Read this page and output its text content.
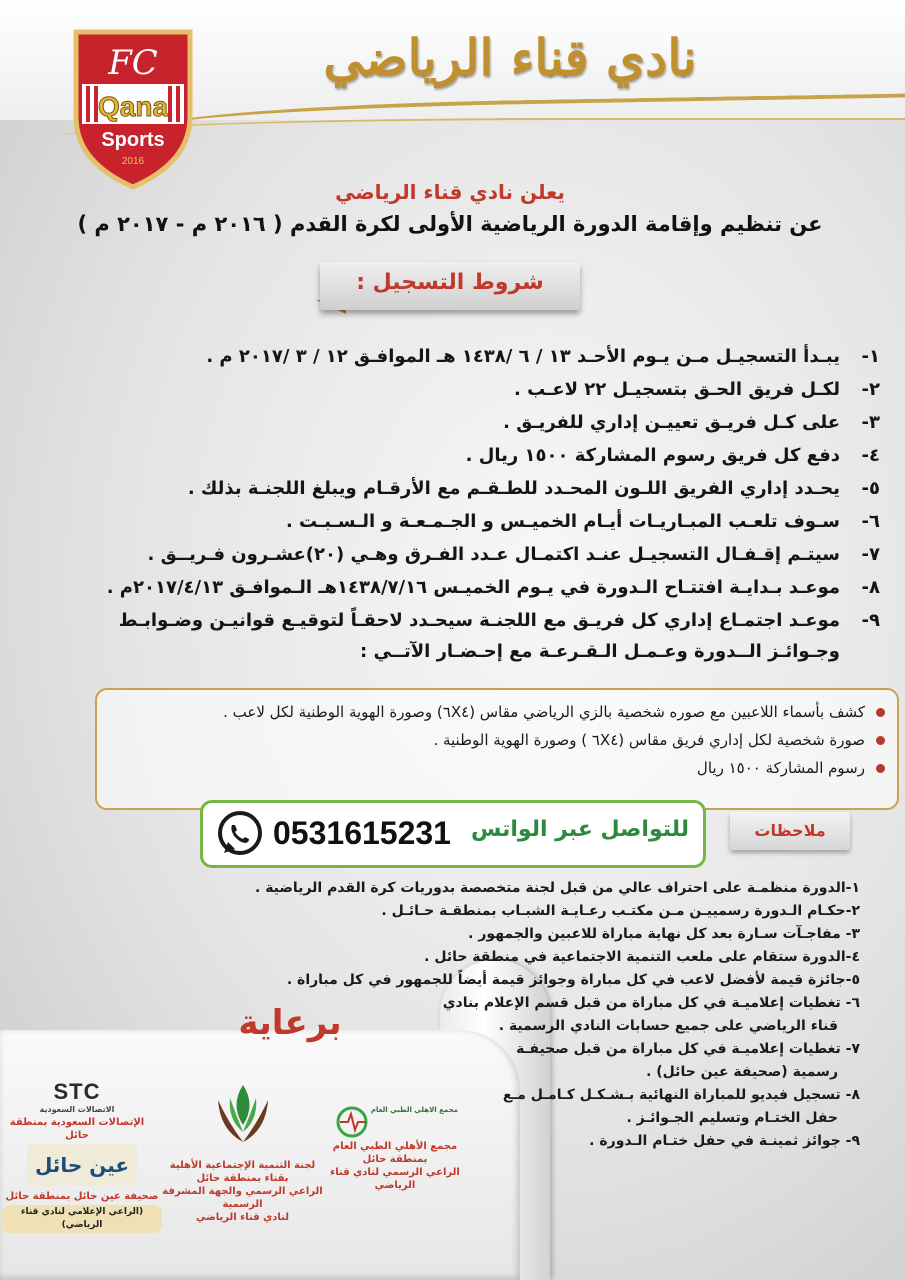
FC
Qana
Sports
2016
نادي قناء الرياضي
يعلن نادي قناء الرياضي
عن تنظيم وإقامة الدورة الرياضية الأولى لكرة القدم ( ٢٠١٦ م - ٢٠١٧ م )
شروط التسجيل :
١-يبـدأ التسجيـل مـن يـوم الأحـد ١٣ / ٦ /١٤٣٨ هـ الموافـق ١٢ / ٣ /٢٠١٧ م .
٢-لكـل فريق الحـق بتسجيـل ٢٢ لاعـب .
٣-على كـل فريـق تعييـن إداري للفريـق .
٤-دفع كل فريق رسوم المشاركة ١٥٠٠ ريال .
٥-يحـدد إداري الفريق اللـون المحـدد للطـقـم مع الأرقـام ويبلغ اللجنـة بذلك .
٦-سـوف تلعـب المبـاريـات أيـام الخميـس و الجـمـعـة و الـسـبـت .
٧-سيتـم إقـفـال التسجيـل عنـد اكتمـال عـدد الفـرق وهـي (٢٠)عشـرون فـريــق .
٨-موعـد بـدايـة افتتـاح الـدورة في يـوم الخميـس ١٤٣٨/٧/١٦هـ الـموافـق ٢٠١٧/٤/١٣م .
٩-موعـد اجتمـاع إداري كل فريـق مع اللجنـة سيحـدد لاحقـاً لتوقيـع قوانيـن وضـوابـط
وجـوائـز الــدورة وعـمـل الـقـرعـة مع إحـضـار الآتــي :
كشف بأسماء اللاعبين مع صوره شخصية بالزي الرياضي مقاس (٦X٤) وصورة الهوية الوطنية لكل لاعب .
صورة شخصية لكل إداري فريق مقاس (٦X٤ ) وصورة الهوية الوطنية .
رسوم المشاركة ١٥٠٠ ريال
0531615231 للتواصل عبر الواتس	ملاحظات
١-الدورة منظمـة على احتراف عالي من قبل لجنة متخصصة بدوريات كرة القدم الرياضية .
٢-حكـام الـدورة رسمييـن مـن مكتـب رعـايـة الشبـاب بمنطقـة حـائـل .
٣- مفاجـآت سـارة بعد كل نهاية مباراة للاعبين والجمهور .
٤-الدورة ستقام على ملعب التنمية الاجتماعية في منطقة حائل .
٥-جائزة قيمة لأفضل لاعب في كل مباراة وجوائز قيمة أيضاً للجمهور في كل مباراة .
٦- تغطيات إعلاميـة في كل مباراة من قبل قسم الإعلام بنادي
قناء الرياضي على جميع حسابات النادي الرسمية .
٧- تغطيات إعلاميـة في كل مباراة من قبل صحيفـة
رسمية (صحيفة عين حائل) .
٨- تسجيل فيديو للمباراة النهائية بـشـكـل كـامـل مـع
حفل الختـام وتسليم الجـوائـز .
٩- جوائز ثمينـة في حفل ختـام الـدورة .
برعاية
STC
الاتصالات السعودية
الإتصالات السعودية بمنطقة حائل
عين حائل
صحيفة عين حائل بمنطقة حائل
(الراعي الإعلامي لنادي قناء الرياضي)
لجنة التنمية الإجتماعية الأهلية بقناء بمنطقة حائل
الراعي الرسمي والجهة المشرفة الرسمية
لنادي قناء الرياضي
مجمع الاهلي الطبي العام
مجمع الأهلي الطبي العام بمنطقة حائل
الراعي الرسمي لنادي قناء الرياضي
